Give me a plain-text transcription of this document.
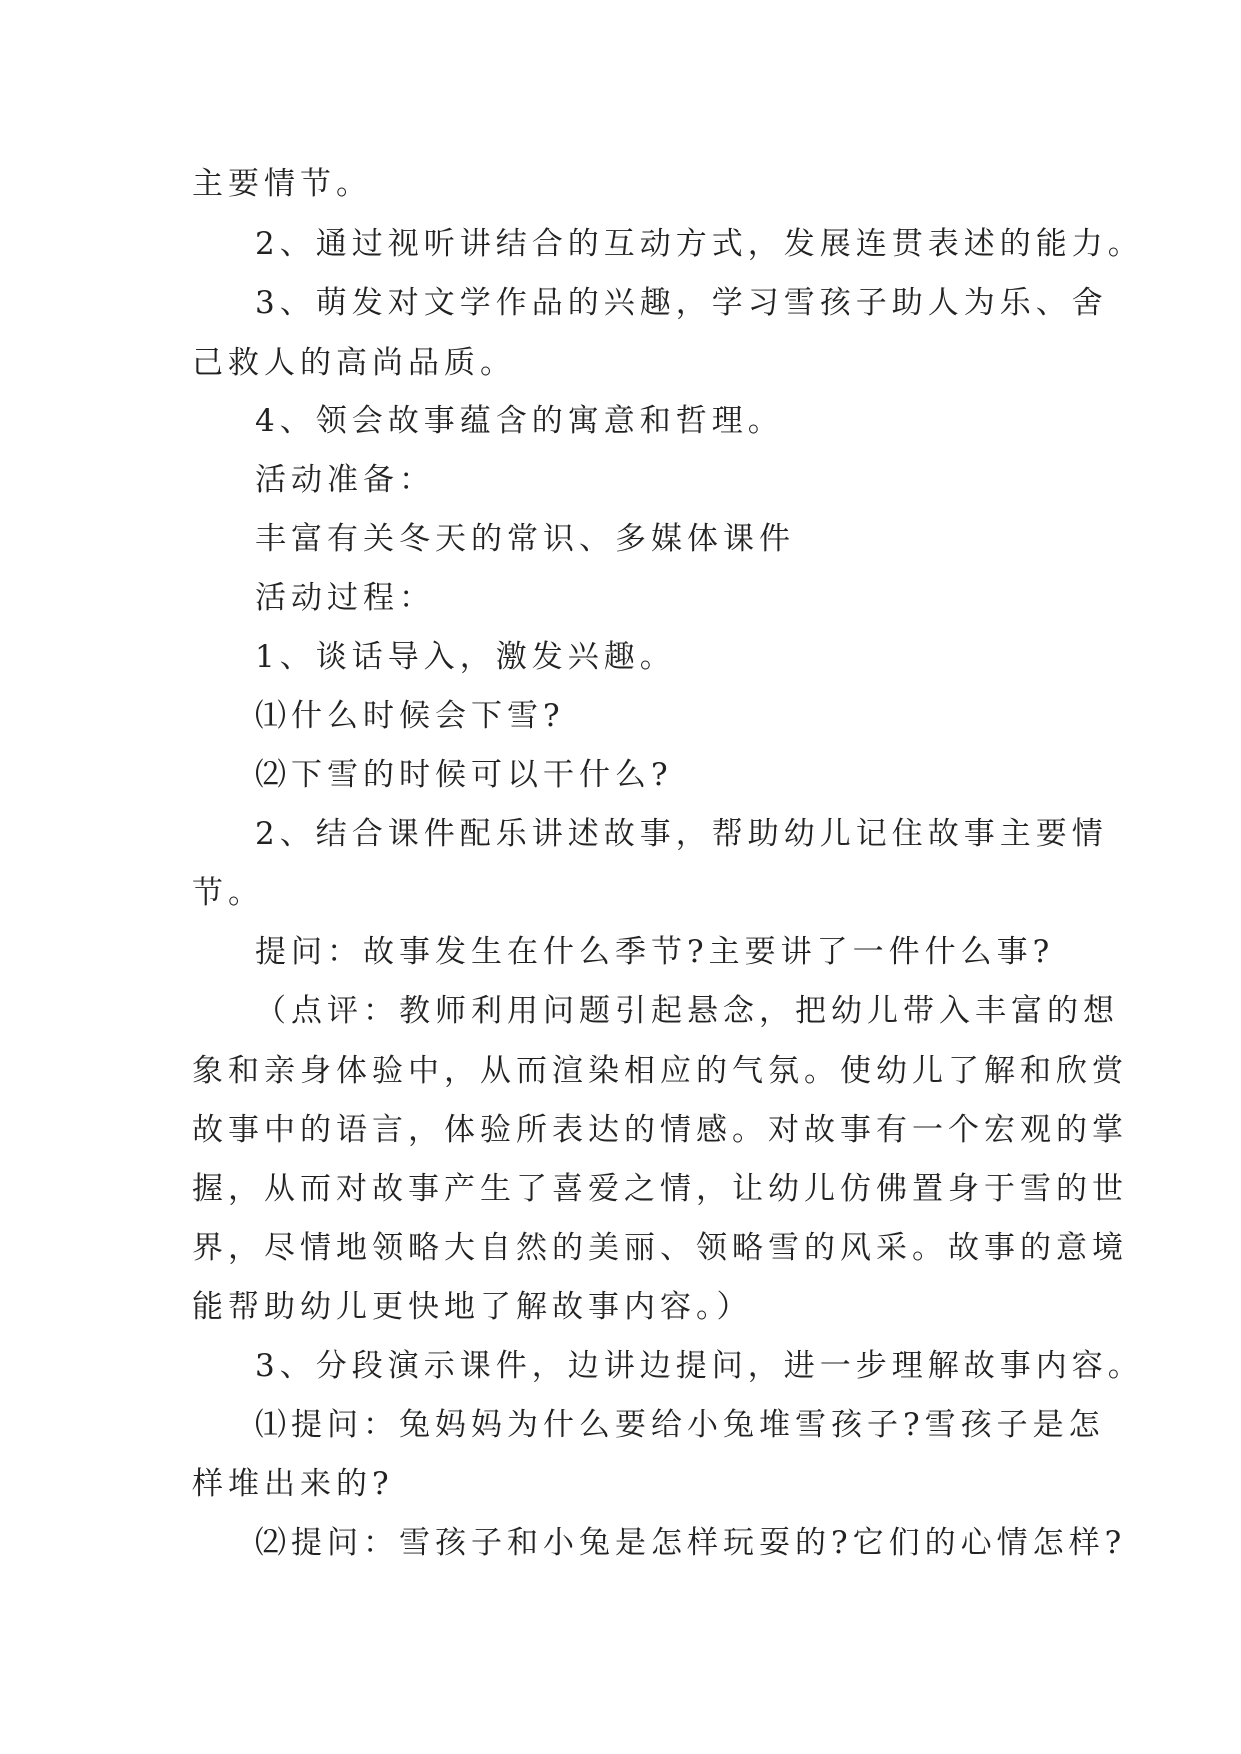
主要情节。
2、通过视听讲结合的互动方式，发展连贯表述的能力。
3、萌发对文学作品的兴趣，学习雪孩子助人为乐、舍
己救人的高尚品质。
4、领会故事蕴含的寓意和哲理。
活动准备：
丰富有关冬天的常识、多媒体课件
活动过程：
1、谈话导入，激发兴趣。
⑴什么时候会下雪?
⑵下雪的时候可以干什么?
2、结合课件配乐讲述故事，帮助幼儿记住故事主要情
节。
提问：故事发生在什么季节?主要讲了一件什么事?
（点评：教师利用问题引起悬念，把幼儿带入丰富的想
象和亲身体验中，从而渲染相应的气氛。使幼儿了解和欣赏
故事中的语言，体验所表达的情感。对故事有一个宏观的掌
握，从而对故事产生了喜爱之情，让幼儿仿佛置身于雪的世
界，尽情地领略大自然的美丽、领略雪的风采。故事的意境
能帮助幼儿更快地了解故事内容。）
3、分段演示课件，边讲边提问，进一步理解故事内容。
⑴提问：兔妈妈为什么要给小兔堆雪孩子?雪孩子是怎
样堆出来的?
⑵提问：雪孩子和小兔是怎样玩耍的?它们的心情怎样?
